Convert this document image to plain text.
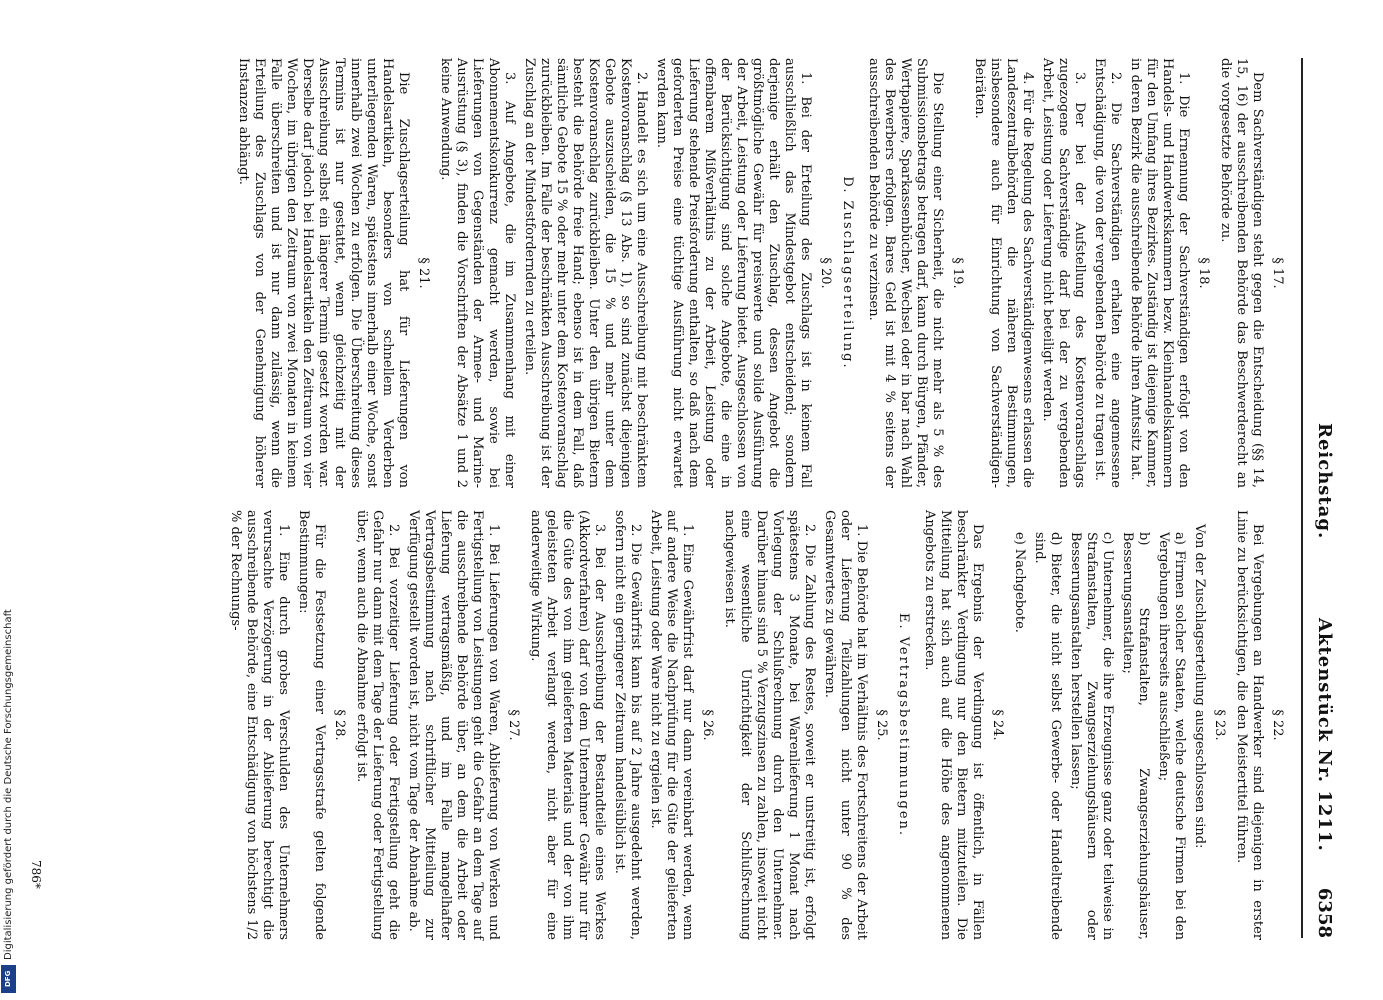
Reichstag.
Aktenstück Nr. 1211.
6358
§ 17.

Dem Sachverständigen steht gegen die Entscheidung (§§ 14, 15, 16) der ausschreibenden Behörde das Beschwerderecht an die vorgesetzte Behörde zu.

§ 18.

1. Die Ernennung der Sachverständigen erfolgt von den Handels- und Handwerkskammern bezw. Kleinhandelskammern für den Umfang ihres Bezirkes. Zuständig ist diejenige Kammer, in deren Bezirk die ausschreibende Behörde ihren Amtssitz hat.

2. Die Sachverständigen erhalten eine angemessene Entschädigung, die von der vergebenden Behörde zu tragen ist.

3. Der bei der Aufstellung des Kostenvoranschlags zugezogene Sachverständige darf bei der zu vergebenden Arbeit, Leistung oder Lieferung nicht beteiligt werden.

4. Für die Regelung des Sachverständigenwesens erlassen die Landeszentralbehörden die näheren Bestimmungen, insbesondere auch für Einrichtung von Sachverständigen-Beiräten.

§ 19.

Die Stellung einer Sicherheit, die nicht mehr als 5 % des Submissionsbetrags betragen darf, kann durch Bürgen, Pfänder, Wertpapiere, Sparkassenbücher, Wechsel oder in bar nach Wahl des Bewerbers erfolgen. Bares Geld ist mit 4 % seitens der ausschreibenden Behörde zu verzinsen.

D. Zuschlagserteilung.
§ 20.

1. Bei der Erteilung des Zuschlags ist in keinem Fall ausschließlich das Mindestgebot entscheidend; sondern derjenige erhält den Zuschlag, dessen Angebot die größtmögliche Gewähr für preiswerte und solide Ausführung der Arbeit, Leistung oder Lieferung bietet. Ausgeschlossen von der Berücksichtigung sind solche Angebote, die eine in offenbarem Mißverhältnis zu der Arbeit, Leistung oder Lieferung stehende Preisforderung enthalten, so daß nach dem geforderten Preise eine tüchtige Ausführung nicht erwartet werden kann.

2. Handelt es sich um eine Ausschreibung mit beschränktem Kostenvoranschlag (§ 13 Abs. 1), so sind zunächst diejenigen Gebote auszuscheiden, die 15 % und mehr unter dem Kostenvoranschlag zurückbleiben. Unter den übrigen Bietern besteht die Behörde freie Hand; ebenso ist in dem Fall, daß sämtliche Gebote 15 % oder mehr unter dem Kostenvoranschlag zurückbleiben. Im Falle der beschränkten Ausschreibung ist der Zuschlag an der Mindestfordernden zu erteilen.

3. Auf Angebote, die im Zusammenhang mit einer Abonnementskonkurrenz gemacht werden, sowie bei Lieferungen von Gegenständen der Armee- und Marine-Ausrüstung (§ 3), finden die Vorschriften der Absätze 1 und 2 keine Anwendung.

§ 21.

Die Zuschlagserteilung hat für Lieferungen von Handelsartikeln, besonders von schnellem Verderben unterliegenden Waren, spätestens innerhalb einer Woche, sonst innerhalb zwei Wochen zu erfolgen. Die Überschreitung dieses Termins ist nur gestattet, wenn gleichzeitig mit der Ausschreibung selbst ein längerer Termin gesetzt worden war. Derselbe darf jedoch bei Handelsartikeln den Zeitraum von vier Wochen, im übrigen den Zeitraum von zwei Monaten in keinem Falle überschreiten und ist nur dann zulässig, wenn die Erteilung des Zuschlags von der Genehmigung höherer Instanzen abhängt.

§ 22.

Bei Vergebungen an Handwerker sind diejenigen in erster Linie zu berücksichtigen, die den Meistertitel führen.

§ 23.

Von der Zuschlagserteilung ausgeschlossen sind:

a) Firmen solcher Staaten, welche deutsche Firmen bei den Vergebungen ihrerseits ausschließen;

b) Strafanstalten, Zwangserziehungshäuser, Besserungsanstalten;

c) Unternehmer, die ihre Erzeugnisse ganz oder teilweise in Strafanstalten, Zwangserziehungshäusern oder Besserungsanstalten herstellen lassen;

d) Bieter, die nicht selbst Gewerbe- oder Handeltreibende sind.

e) Nachgebote.

§ 24.

Das Ergebnis der Verdingung ist öffentlich, in Fällen beschränkter Verdingung nur den Bietern mitzuteilen. Die Mitteilung hat sich auch auf die Höhe des angenommenen Angebots zu erstrecken.

E. Vertragsbestimmungen.
§ 25.

1. Die Behörde hat im Verhältnis des Fortschreitens der Arbeit oder Lieferung Teilzahlungen nicht unter 90 % des Gesamtwertes zu gewähren.

2. Die Zahlung des Restes, soweit er unstreitig ist, erfolgt spätestens 3 Monate, bei Warenlieferung 1 Monat nach Vorlegung der Schlußrechnung durch den Unternehmer. Darüber hinaus sind 5 % Verzugszinsen zu zahlen, insoweit nicht eine wesentliche Unrichtigkeit der Schlußrechnung nachgewiesen ist.

§ 26.

1. Eine Gewährfrist darf nur dann vereinbart werden, wenn auf andere Weise die Nachprüfung für die Güte der gelieferten Arbeit, Leistung oder Ware nicht zu ergielen ist.

2. Die Gewährfrist kann bis auf 2 Jahre ausgedehnt werden, sofern nicht ein geringerer Zeitraum handelsüblich ist.

3. Bei der Ausschreibung der Bestandteile eines Werkes (Akkordverfahren) darf von dem Unternehmer Gewähr nur für die Güte des von ihm gelieferten Materials und der von ihm geleisteten Arbeit verlangt werden, nicht aber für eine anderweitige Wirkung.

§ 27.

1. Bei Lieferungen von Waren, Ablieferung von Werken und Fertigstellung von Leistungen geht die Gefahr an dem Tage auf die ausschreibende Behörde über, an dem die Arbeit oder Lieferung vertragsmäßig, und im Falle mangelhafter Vertragsbestimmung nach schriftlicher Mitteilung zur Verfügung gestellt worden ist, nicht vom Tage der Abnahme ab.

2. Bei vorzeitiger Lieferung oder Fertigstellung geht die Gefahr nur dann mit dem Tage der Lieferung oder Fertigstellung über, wenn auch die Abnahme erfolgt ist.

§ 28.

Für die Festsetzung einer Vertragsstrafe gelten folgende Bestimmungen:

1. Eine durch grobes Verschulden des Unternehmers verursachte Verzögerung in der Ablieferung berechtigt die ausschreibende Behörde, eine Entschädigung von höchstens 1/2 % der Rechnungs-

786*
DFG
Digitalisierung gefördert durch die Deutsche Forschungsgemeinschaft
